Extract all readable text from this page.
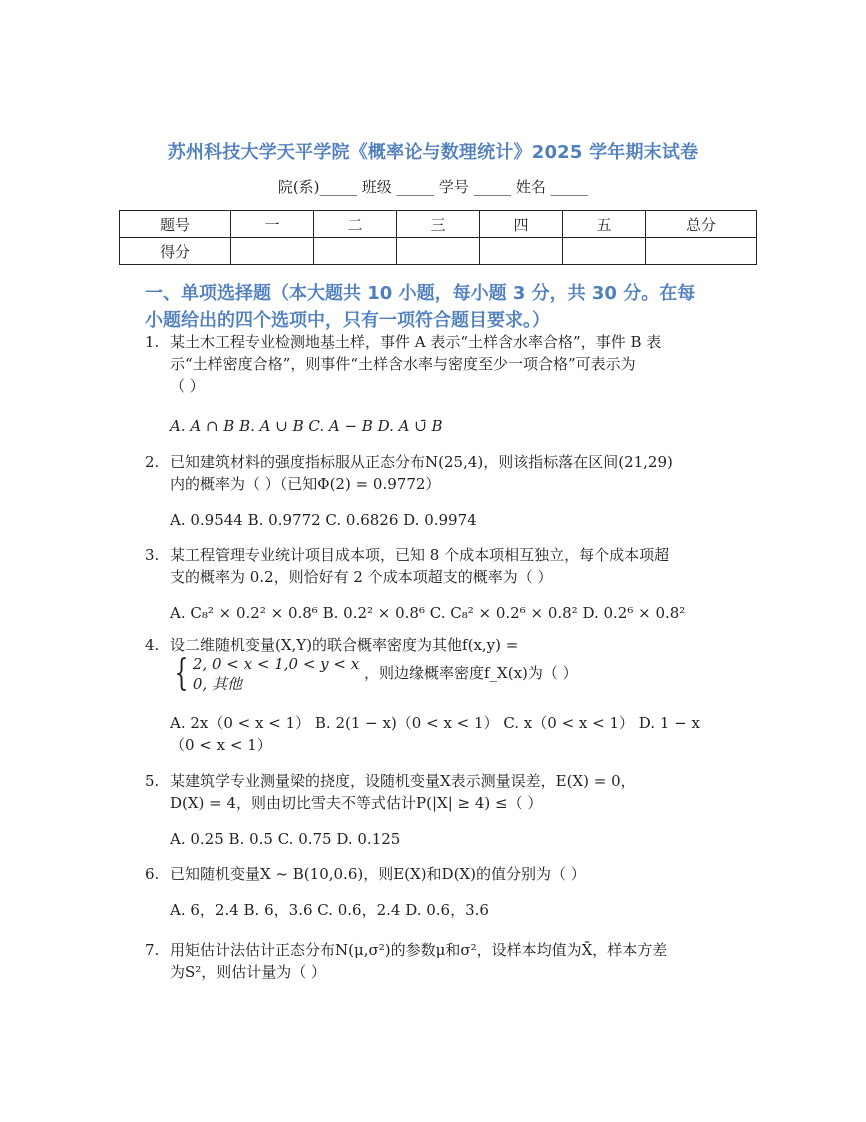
苏州科技大学天平学院《概率论与数理统计》2025 学年期末试卷
院(系)_____ 班级 _____ 学号 _____ 姓名 _____
题号	一	二	三	四	五	总分
得分						
一、单项选择题（本大题共 10 小题，每小题 3 分，共 30 分。在每
小题给出的四个选项中，只有一项符合题目要求。）
1. 某土木工程专业检测地基土样，事件 A 表示“土样含水率合格”，事件 B 表
示“土样密度合格”，则事件“土样含水率与密度至少一项合格”可表示为
（ ）
A. A ∩ B B. A ∪ B C. A − B D. A ∪̄ B
2. 已知建筑材料的强度指标服从正态分布N(25,4)，则该指标落在区间(21,29)
内的概率为（ ）（已知Φ(2) = 0.9772）
A. 0.9544 B. 0.9772 C. 0.6826 D. 0.9974
3. 某工程管理专业统计项目成本项，已知 8 个成本项相互独立，每个成本项超
支的概率为 0.2，则恰好有 2 个成本项超支的概率为（ ）
A. C₈² × 0.2² × 0.8⁶ B. 0.2² × 0.8⁶ C. C₈² × 0.2⁶ × 0.8² D. 0.2⁶ × 0.8²
4. 设二维随机变量(X,Y)的联合概率密度为其他f(x,y) =
{ 2, 0 < x < 1,0 < y < x
0, 其他
，则边缘概率密度f_X(x)为（ ）
A. 2x（0 < x < 1） B. 2(1 − x)（0 < x < 1） C. x（0 < x < 1） D. 1 − x
（0 < x < 1）
5. 某建筑学专业测量梁的挠度，设随机变量X表示测量误差，E(X) = 0，
D(X) = 4，则由切比雪夫不等式估计P(|X| ≥ 4) ≤（ ）
A. 0.25 B. 0.5 C. 0.75 D. 0.125
6. 已知随机变量X ~ B(10,0.6)，则E(X)和D(X)的值分别为（ ）
A. 6，2.4 B. 6，3.6 C. 0.6，2.4 D. 0.6，3.6
7. 用矩估计法估计正态分布N(μ,σ²)的参数μ和σ²，设样本均值为X̄，样本方差
为S²，则估计量为（ ）
